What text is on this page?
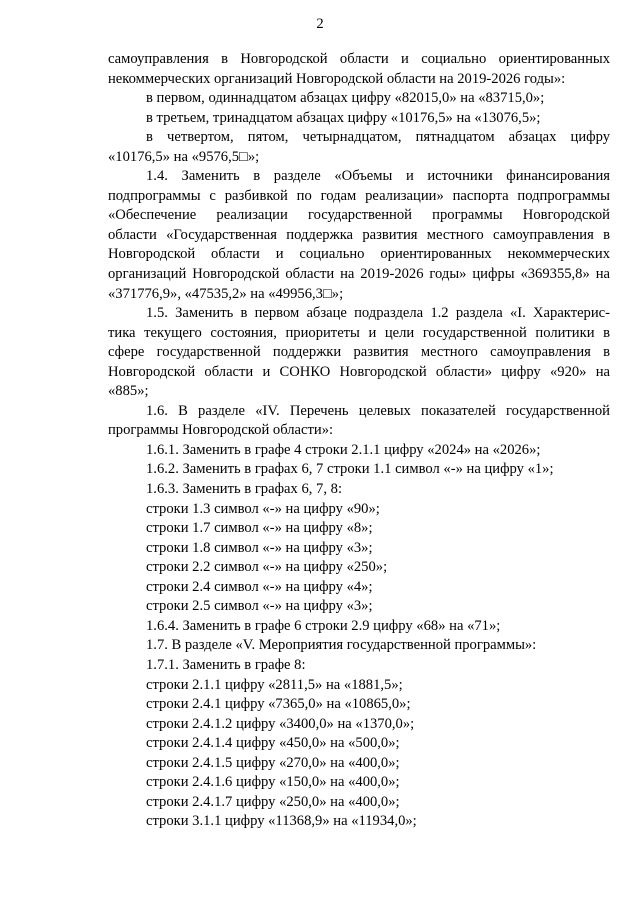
2
самоуправления в Новгородской области и социально ориентированных
некоммерческих организаций Новгородской области на 2019-2026 годы»:
в первом, одиннадцатом абзацах цифру «82015,0» на «83715,0»;
в третьем, тринадцатом абзацах цифру «10176,5» на «13076,5»;
в четвертом, пятом, четырнадцатом, пятнадцатом абзацах цифру
«10176,5» на «9576,5□»;
1.4. Заменить в разделе «Объемы и источники финансирования
подпрограммы с разбивкой по годам реализации» паспорта подпрограммы
«Обеспечение реализации государственной программы Новгородской
области «Государственная поддержка развития местного самоуправления в
Новгородской области и социально ориентированных некоммерческих
организаций Новгородской области на 2019-2026 годы» цифры «369355,8» на
«371776,9», «47535,2» на «49956,3□»;
1.5. Заменить в первом абзаце подраздела 1.2 раздела «I. Характерис-
тика текущего состояния, приоритеты и цели государственной политики в
сфере государственной поддержки развития местного самоуправления в
Новгородской области и СОНКО Новгородской области» цифру «920» на
«885»;
1.6. В разделе «IV. Перечень целевых показателей государственной
программы Новгородской области»:
1.6.1. Заменить в графе 4 строки 2.1.1 цифру «2024» на «2026»;
1.6.2. Заменить в графах 6, 7 строки 1.1 символ «-» на цифру «1»;
1.6.3. Заменить в графах 6, 7, 8:
строки 1.3 символ «-» на цифру «90»;
строки 1.7 символ «-» на цифру «8»;
строки 1.8 символ «-» на цифру «3»;
строки 2.2 символ «-» на цифру «250»;
строки 2.4 символ «-» на цифру «4»;
строки 2.5 символ «-» на цифру «3»;
1.6.4. Заменить в графе 6 строки 2.9 цифру «68» на «71»;
1.7. В разделе «V. Мероприятия государственной программы»:
1.7.1. Заменить в графе 8:
строки 2.1.1 цифру «2811,5» на «1881,5»;
строки 2.4.1 цифру «7365,0» на «10865,0»;
строки 2.4.1.2 цифру «3400,0» на «1370,0»;
строки 2.4.1.4 цифру «450,0» на «500,0»;
строки 2.4.1.5 цифру «270,0» на «400,0»;
строки 2.4.1.6 цифру «150,0» на «400,0»;
строки 2.4.1.7 цифру «250,0» на «400,0»;
строки 3.1.1 цифру «11368,9» на «11934,0»;
